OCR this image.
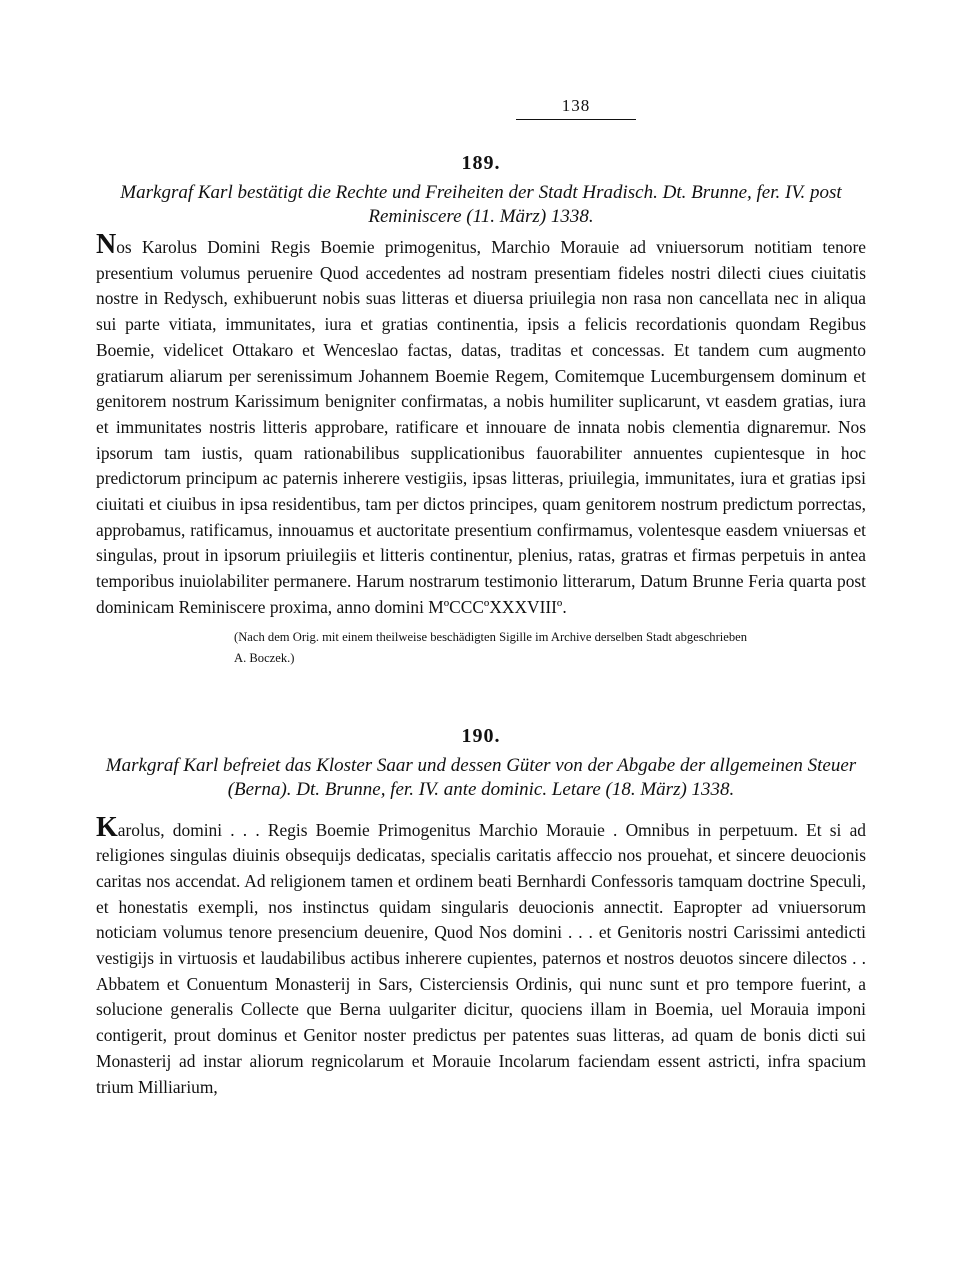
138
189.
Markgraf Karl bestätigt die Rechte und Freiheiten der Stadt Hradisch. Dt. Brunne, fer. IV. post Reminiscere (11. März) 1338.
Nos Karolus Domini Regis Boemie primogenitus, Marchio Morauie ad vniuersorum notitiam tenore presentium volumus peruenire Quod accedentes ad nostram presentiam fideles nostri dilecti ciues ciuitatis nostre in Redysch, exhibuerunt nobis suas litteras et diuersa priuilegia non rasa non cancellata nec in aliqua sui parte vitiata, immunitates, iura et gratias continentia, ipsis a felicis recordationis quondam Regibus Boemie, videlicet Ottakaro et Wenceslao factas, datas, traditas et concessas. Et tandem cum augmento gratiarum aliarum per serenissimum Johannem Boemie Regem, Comitemque Lucemburgensem dominum et genitorem nostrum Karissimum benigniter confirmatas, a nobis humiliter suplicarunt, vt easdem gratias, iura et immunitates nostris litteris approbare, ratificare et innouare de innata nobis clementia dignaremur. Nos ipsorum tam iustis, quam rationabilibus supplicationibus fauorabiliter annuentes cupientesque in hoc predictorum principum ac paternis inherere vestigiis, ipsas litteras, priuilegia, immunitates, iura et gratias ipsi ciuitati et ciuibus in ipsa residentibus, tam per dictos principes, quam genitorem nostrum predictum porrectas, approbamus, ratificamus, innouamus et auctoritate presentium confirmamus, volentesque easdem vniuersas et singulas, prout in ipsorum priuilegiis et litteris continentur, plenius, ratas, gratras et firmas perpetuis in antea temporibus inuiolabiliter permanere. Harum nostrarum testimonio litterarum, Datum Brunne Feria quarta post dominicam Reminiscere proxima, anno domini MºCCCºXXXVIIIº.
(Nach dem Orig. mit einem theilweise beschädigten Sigille im Archive derselben Stadt abgeschrieben
A. Boczek.)
190.
Markgraf Karl befreiet das Kloster Saar und dessen Güter von der Abgabe der allgemeinen Steuer (Berna). Dt. Brunne, fer. IV. ante dominic. Letare (18. März) 1338.
Karolus, domini . . . Regis Boemie Primogenitus Marchio Morauie . Omnibus in perpetuum. Et si ad religiones singulas diuinis obsequijs dedicatas, specialis caritatis affeccio nos prouehat, et sincere deuocionis caritas nos accendat. Ad religionem tamen et ordinem beati Bernhardi Confessoris tamquam doctrine Speculi, et honestatis exempli, nos instinctus quidam singularis deuocionis annectit. Eapropter ad vniuersorum noticiam volumus tenore presencium deuenire, Quod Nos domini . . . et Genitoris nostri Carissimi antedicti vestigijs in virtuosis et laudabilibus actibus inherere cupientes, paternos et nostros deuotos sincere dilectos . . Abbatem et Conuentum Monasterij in Sars, Cisterciensis Ordinis, qui nunc sunt et pro tempore fuerint, a solucione generalis Collecte que Berna uulgariter dicitur, quociens illam in Boemia, uel Morauia imponi contigerit, prout dominus et Genitor noster predictus per patentes suas litteras, ad quam de bonis dicti sui Monasterij ad instar aliorum regnicolarum et Morauie Incolarum faciendam essent astricti, infra spacium trium Milliarium,
